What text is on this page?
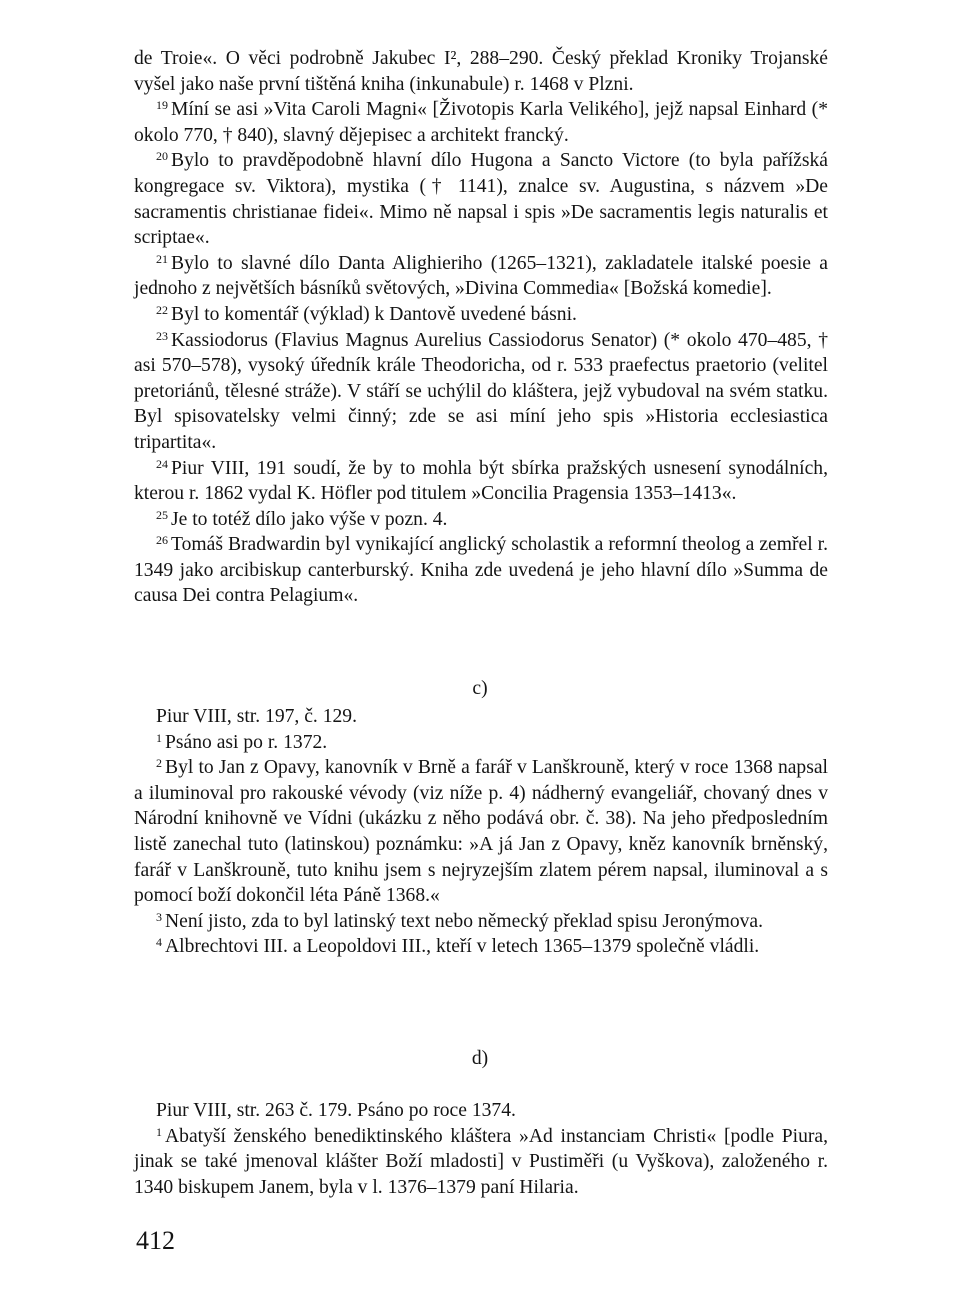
de Troie«. O věci podrobně Jakubec I², 288–290. Český překlad Kroniky Trojanské vyšel jako naše první tištěná kniha (inkunabule) r. 1468 v Plzni.

$^{19}$ Míní se asi »Vita Caroli Magni« [Životopis Karla Velikého], jejž napsal Einhard (* okolo 770, † 840), slavný dějepisec a architekt francký.

$^{20}$ Bylo to pravděpodobně hlavní dílo Hugona a Sancto Victore (to byla pařížská kongregace sv. Viktora), mystika († 1141), znalce sv. Augustina, s názvem »De sacramentis christianae fidei«. Mimo ně napsal i spis »De sacramentis legis naturalis et scriptae«.

$^{21}$ Bylo to slavné dílo Danta Alighieriho (1265–1321), zakladatele italské poesie a jednoho z největších básníků světových, »Divina Commedia« [Božská komedie].

$^{22}$ Byl to komentář (výklad) k Dantově uvedené básni.

$^{23}$ Kassiodorus (Flavius Magnus Aurelius Cassiodorus Senator) (* okolo 470–485, † asi 570–578), vysoký úředník krále Theodoricha, od r. 533 praefectus praetorio (velitel pretoriánů, tělesné stráže). V stáří se uchýlil do kláštera, jejž vybudoval na svém statku. Byl spisovatelsky velmi činný; zde se asi míní jeho spis »Historia ecclesiastica tripartita«.

$^{24}$ Piur VIII, 191 soudí, že by to mohla být sbírka pražských usnesení synodálních, kterou r. 1862 vydal K. Höfler pod titulem »Concilia Pragensia 1353–1413«.

$^{25}$ Je to totéž dílo jako výše v pozn. 4.

$^{26}$ Tomáš Bradwardin byl vynikající anglický scholastik a reformní theolog a zemřel r. 1349 jako arcibiskup canterburský. Kniha zde uvedená je jeho hlavní dílo »Summa de causa Dei contra Pelagium«.

c)

Piur VIII, str. 197, č. 129.

$^1$ Psáno asi po r. 1372.

$^2$ Byl to Jan z Opavy, kanovník v Brně a farář v Lanškrouně, který v roce 1368 napsal a iluminoval pro rakouské vévody (viz níže p. 4) nádherný evangeliář, chovaný dnes v Národní knihovně ve Vídni (ukázku z něho podává obr. č. 38). Na jeho předposledním listě zanechal tuto (latinskou) poznámku: »A já Jan z Opavy, kněz kanovník brněnský, farář v Lanškrouně, tuto knihu jsem s nejryzejším zlatem pérem napsal, iluminoval a s pomocí boží dokončil léta Páně 1368.«

$^3$ Není jisto, zda to byl latinský text nebo německý překlad spisu Jeronýmova.

$^4$ Albrechtovi III. a Leopoldovi III., kteří v letech 1365–1379 společně vládli.

d)

Piur VIII, str. 263 č. 179. Psáno po roce 1374.

$^1$ Abatyší ženského benediktinského kláštera »Ad instanciam Christi« [podle Piura, jinak se také jmenoval klášter Boží mladosti] v Pustiměři (u Vyškova), založeného r. 1340 biskupem Janem, byla v l. 1376–1379 paní Hilaria.

412
